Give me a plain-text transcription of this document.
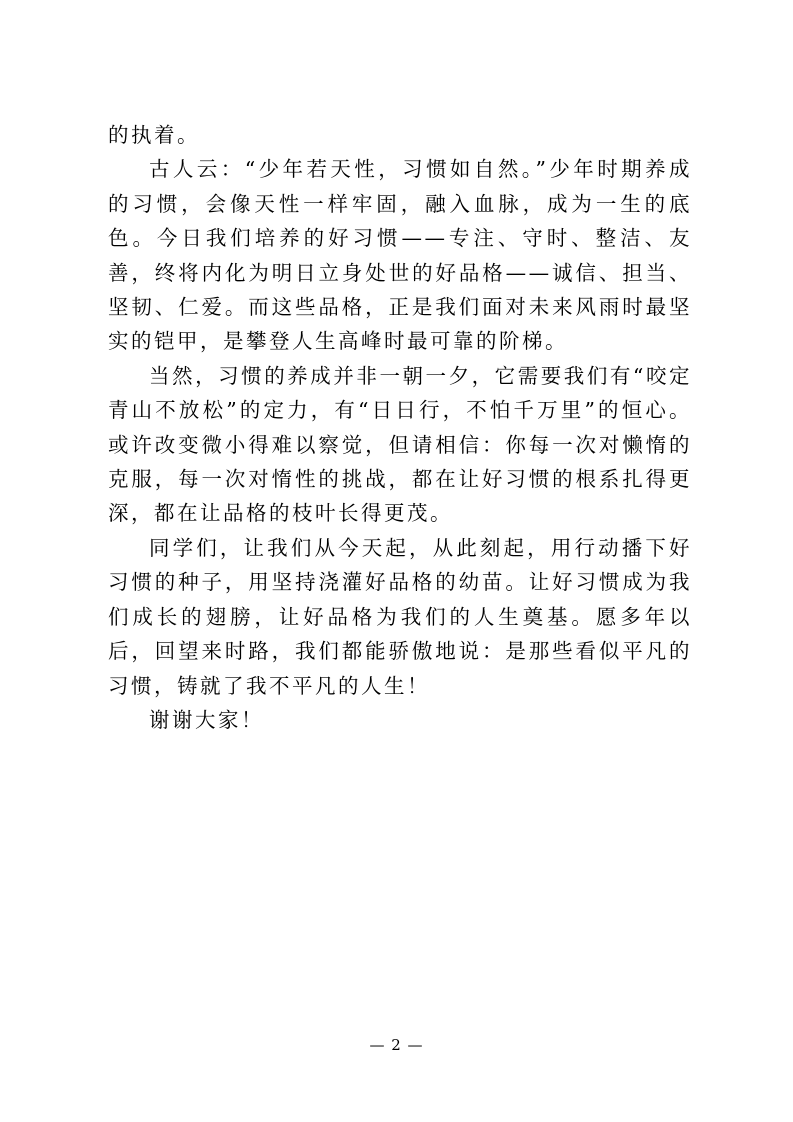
的执着。

古人云：“少年若天性，习惯如自然。”少年时期养成的习惯，会像天性一样牢固，融入血脉，成为一生的底色。今日我们培养的好习惯——专注、守时、整洁、友善，终将内化为明日立身处世的好品格——诚信、担当、坚韧、仁爱。而这些品格，正是我们面对未来风雨时最坚实的铠甲，是攀登人生高峰时最可靠的阶梯。

当然，习惯的养成并非一朝一夕，它需要我们有“咬定青山不放松”的定力，有“日日行，不怕千万里”的恒心。或许改变微小得难以察觉，但请相信：你每一次对懒惰的克服，每一次对惰性的挑战，都在让好习惯的根系扎得更深，都在让品格的枝叶长得更茂。

同学们，让我们从今天起，从此刻起，用行动播下好习惯的种子，用坚持浇灌好品格的幼苗。让好习惯成为我们成长的翅膀，让好品格为我们的人生奠基。愿多年以后，回望来时路，我们都能骄傲地说：是那些看似平凡的习惯，铸就了我不平凡的人生！

谢谢大家！

— 2 —
